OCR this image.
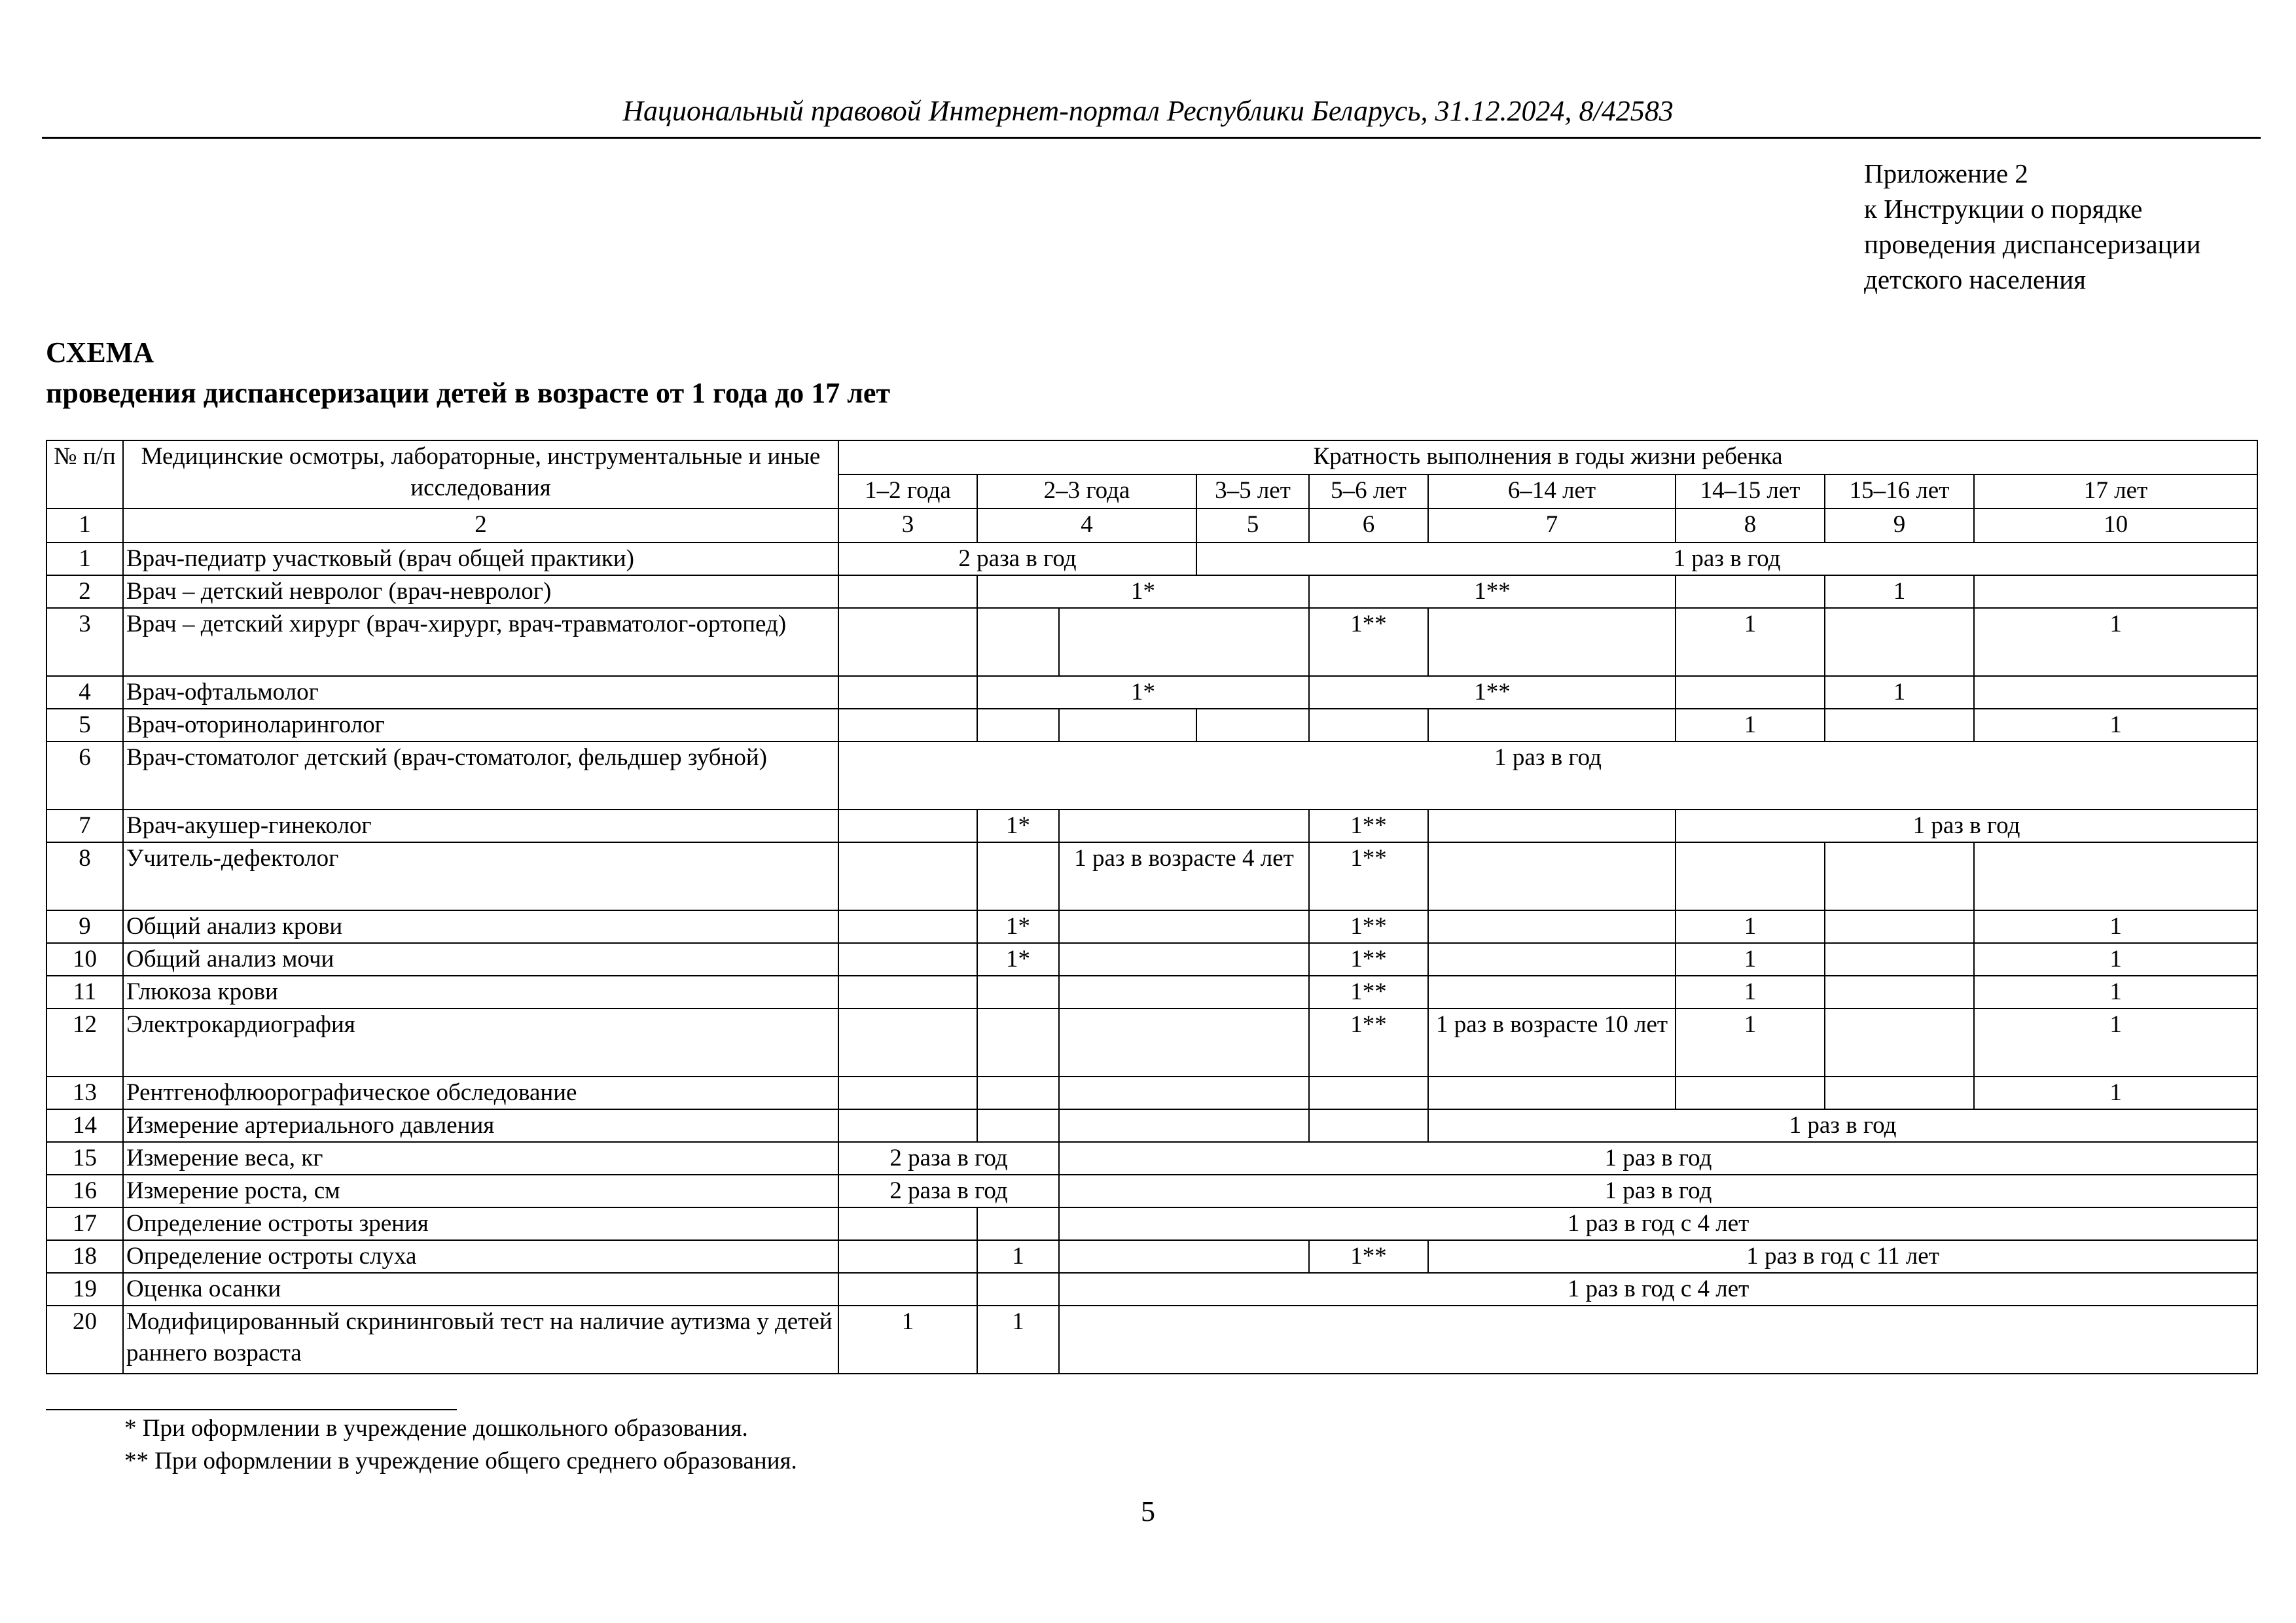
Национальный правовой Интернет-портал Республики Беларусь, 31.12.2024, 8/42583
Приложение 2
к Инструкции о порядке
проведения диспансеризации
детского населения
СХЕМА
проведения диспансеризации детей в возрасте от 1 года до 17 лет
№ п/п	Медицинские осмотры, лабораторные, инструментальные и иные исследования	Кратность выполнения в годы жизни ребенка									
		1–2 года	2–3 года		3–5 лет	5–6 лет	6–14 лет	14–15 лет	15–16 лет	17 лет	
1	2	3	4		5	6	7	8	9	10	
1	Врач-педиатр участковый (врач общей практики)	2 раза в год			1 раз в год						
2	Врач – детский невролог (врач-невролог)		1*			1**			1		
3	Врач – детский хирург (врач-хирург, врач-травматолог-ортопед)					1**		1		1	
4	Врач-офтальмолог		1*			1**			1		
5	Врач-оториноларинголог							1		1	
6	Врач-стоматолог детский (врач-стоматолог, фельдшер зубной)	1 раз в год									
7	Врач-акушер-гинеколог		1*			1**		1 раз в год			
8	Учитель-дефектолог			1 раз в возрасте 4 лет		1**					
9	Общий анализ крови		1*			1**		1		1	
10	Общий анализ мочи		1*			1**		1		1	
11	Глюкоза крови					1**		1		1	
12	Электрокардиография					1**	1 раз в возрасте 10 лет	1		1	
13	Рентгенофлюорографическое обследование									1	
14	Измерение артериального давления						1 раз в год				
15	Измерение веса, кг	2 раза в год		1 раз в год							
16	Измерение роста, см	2 раза в год		1 раз в год							
17	Определение остроты зрения			1 раз в год с 4 лет							
18	Определение остроты слуха		1			1**	1 раз в год с 11 лет				
19	Оценка осанки			1 раз в год с 4 лет							
20	Модифицированный скрининговый тест на наличие аутизма у детей раннего возраста	1	1								
* При оформлении в учреждение дошкольного образования.
** При оформлении в учреждение общего среднего образования.
5
